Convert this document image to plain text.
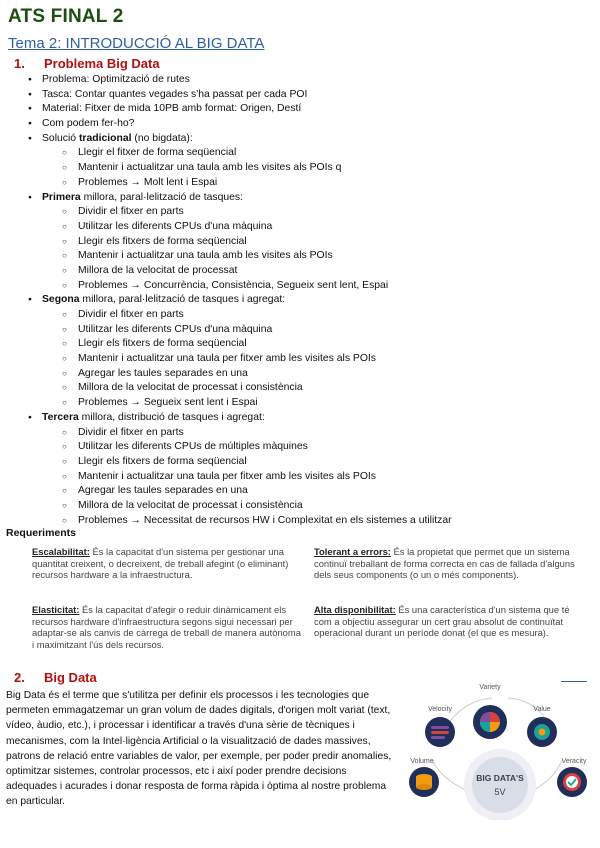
ATS FINAL 2
Tema 2: INTRODUCCIÓ AL BIG DATA
1. Problema Big Data
● Problema: Optimització de rutes
● Tasca: Contar quantes vegades s'ha passat per cada POI
● Material: Fitxer de mida 10PB amb format: Origen, Destí
● Com podem fer-ho?
● Solució tradicional (no bigdata):
○ Llegir el fitxer de forma seqüencial
○ Mantenir i actualitzar una taula amb les visites als POIs q
○ Problemes → Molt lent i Espai
● Primera millora, paral·lelització de tasques:
○ Dividir el fitxer en parts
○ Utilitzar les diferents CPUs d'una màquina
○ Llegir els fitxers de forma seqüencial
○ Mantenir i actualitzar una taula amb les visites als POIs
○ Millora de la velocitat de processat
○ Problemes → Concurrència, Consistència, Segueix sent lent, Espai
● Segona millora, paral·lelització de tasques i agregat:
○ Dividir el fitxer en parts
○ Utilitzar les diferents CPUs d'una màquina
○ Llegir els fitxers de forma seqüencial
○ Mantenir i actualitzar una taula per fitxer amb les visites als POIs
○ Agregar les taules separades en una
○ Millora de la velocitat de processat i consistència
○ Problemes → Segueix sent lent i Espai
● Tercera millora, distribució de tasques i agregat:
○ Dividir el fitxer en parts
○ Utilitzar les diferents CPUs de múltiples màquines
○ Llegir els fitxers de forma seqüencial
○ Mantenir i actualitzar una taula per fitxer amb les visites als POIs
○ Agregar les taules separades en una
○ Millora de la velocitat de processat i consistència
○ Problemes → Necessitat de recursos HW i Complexitat en els sistemes a utilitzar
Requeriments
Escalabilitat: És la capacitat d'un sistema per gestionar una quantitat creixent, o decreixent, de treball afegint (o eliminant) recursos hardware a la infraestructura.
Tolerant a errors: És la propietat que permet que un sistema continuï treballant de forma correcta en cas de fallada d'alguns dels seus components (o un o més components).
Elasticitat: És la capacitat d'afegir o reduir dinàmicament els recursos hardware d'infraestructura segons sigui necessari per adaptar-se als canvis de càrrega de treball de manera autònoma i maximitzant l'ús dels recursos.
Alta disponibilitat: És una característica d'un sistema que té com a objectiu assegurar un cert grau absolut de continuïtat operacional durant un període donat (el que es mesura).
2. Big Data
Big Data és el terme que s'utilitza per definir els processos i les tecnologies que permeten emmagatzemar un gran volum de dades digitals, d'origen molt variat (text, vídeo, àudio, etc.), i processar i identificar a través d'una sèrie de tècniques i mecanismes, com la Intel·ligència Artificial o la visualització de dades massives, patrons de relació entre variables de valor, per exemple, per poder predir anomalies, optimitzar sistemes, controlar processos, etc i així poder prendre decisions adequades i acurades i donar resposta de forma ràpida i òptima al nostre problema en particular.
BIG DATA'S
5V
Variety
Velocity	Value
Volume	Veracity
